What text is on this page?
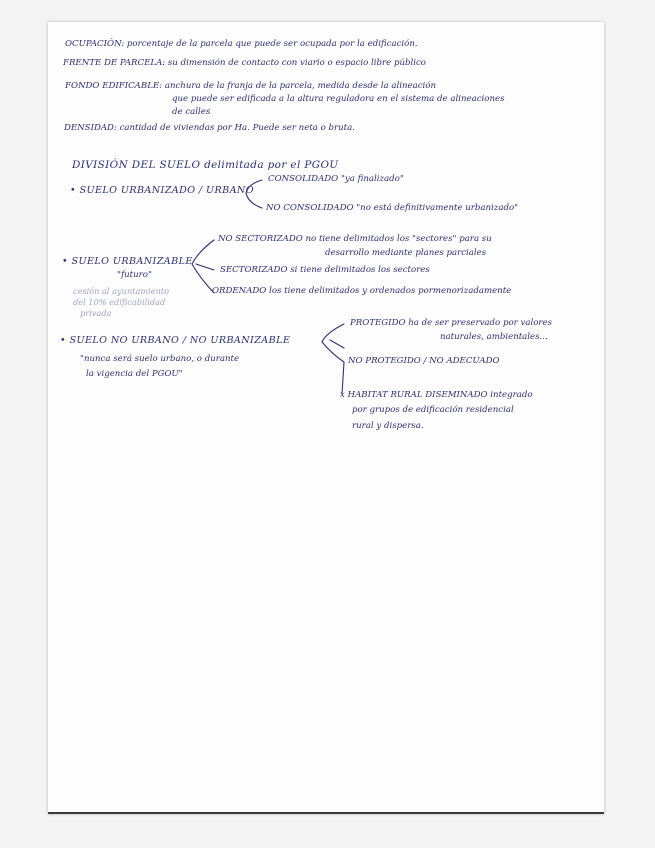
OCUPACIÓN: porcentaje de la parcela que puede ser ocupada por la edificación.
FRENTE DE PARCELA: su dimensión de contacto con viario o espacio libre público
FONDO EDIFICABLE: anchura de la franja de la parcela, medida desde la alineación
que puede ser edificada a la altura reguladora en el sistema de alineaciones
de calles
DENSIDAD: cantidad de viviendas por Ha. Puede ser neta o bruta.
DIVISIÓN DEL SUELO delimitada por el PGOU
• SUELO URBANIZADO / URBANO
CONSOLIDADO "ya finalizado"
NO CONSOLIDADO "no está definitivamente urbanizado"
• SUELO URBANIZABLE
"futuro"
cesión al ayuntamiento
del 10% edificabilidad
privada
NO SECTORIZADO no tiene delimitados los "sectores" para su
desarrollo mediante planes parciales
SECTORIZADO si tiene delimitados los sectores
ORDENADO los tiene delimitados y ordenados pormenorizadamente
• SUELO NO URBANO / NO URBANIZABLE
"nunca será suelo urbano, o durante
la vigencia del PGOU"
PROTEGIDO ha de ser preservado por valores
naturales, ambientales...
NO PROTEGIDO / NO ADECUADO
x HABITAT RURAL DISEMINADO integrado
por grupos de edificación residencial
rural y dispersa.
